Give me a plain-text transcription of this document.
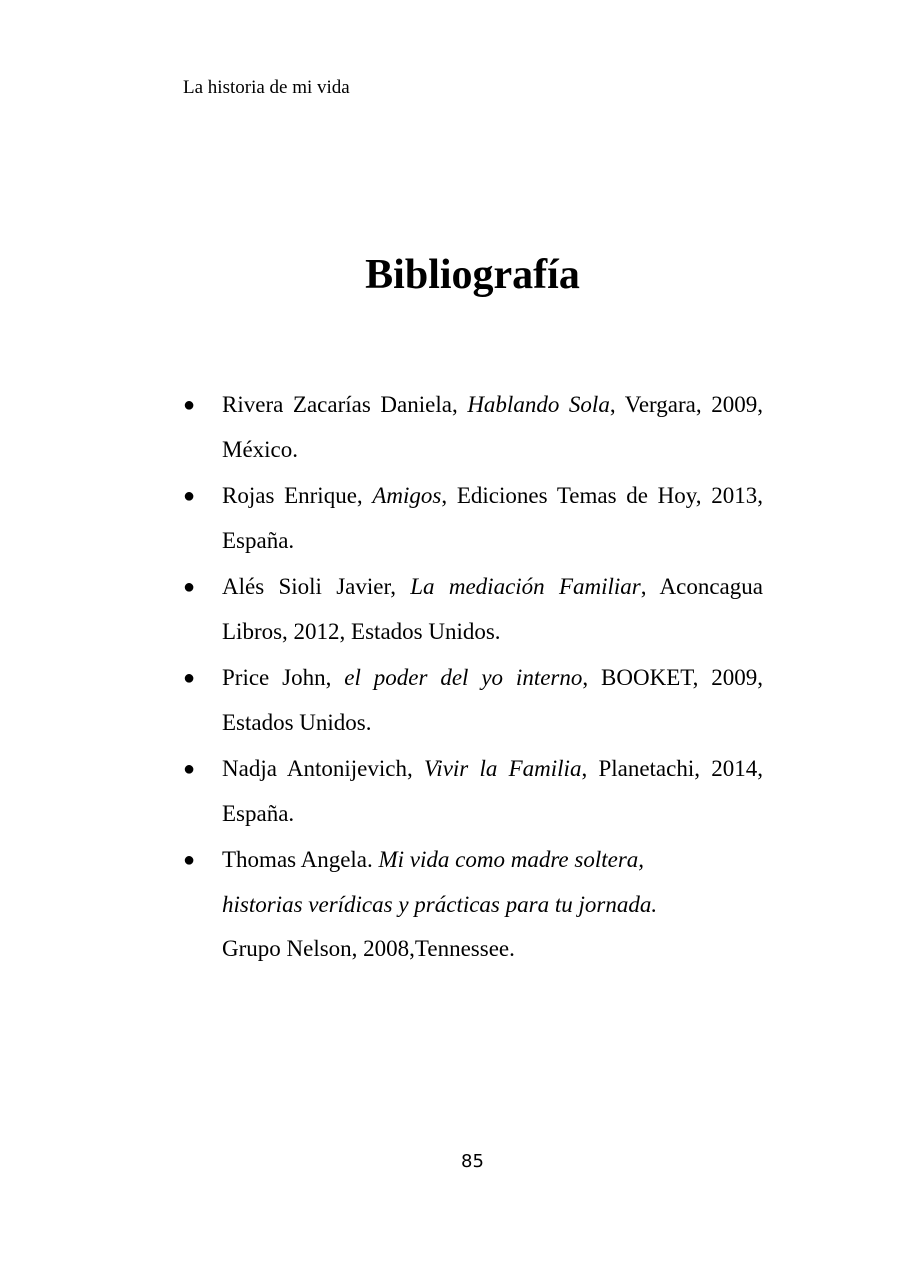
La historia de mi vida

Bibliografía
● Rivera Zacarías Daniela, Hablando Sola, Vergara, 2009, México.
● Rojas Enrique, Amigos, Ediciones Temas de Hoy, 2013, España.
● Alés Sioli Javier, La mediación Familiar, Aconcagua Libros, 2012, Estados Unidos.
● Price John, el poder del yo interno, BOOKET, 2009, Estados Unidos.
● Nadja Antonijevich, Vivir la Familia, Planetachi, 2014, España.
● Thomas Angela. Mi vida como madre soltera,
historias verídicas y prácticas para tu jornada.
Grupo Nelson, 2008,Tennessee.

85
